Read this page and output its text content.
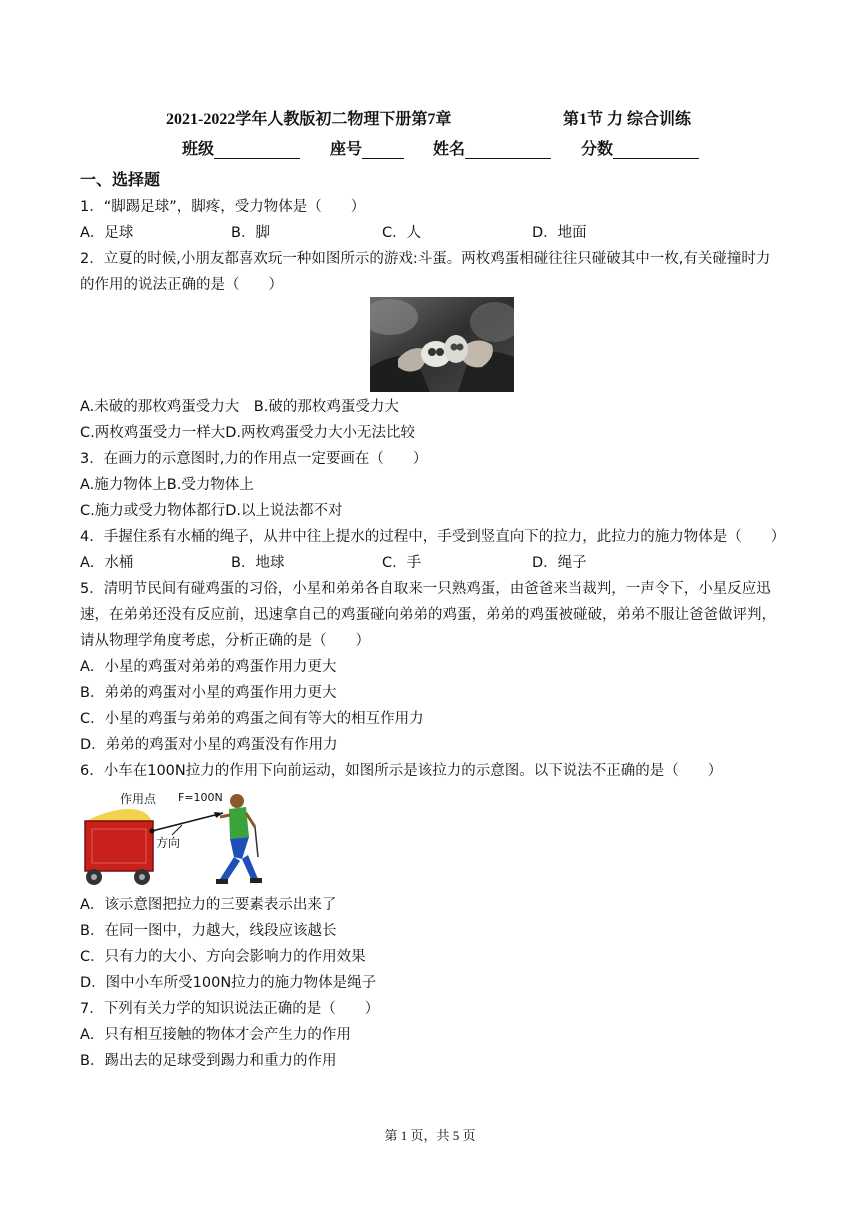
2021-2022学年人教版初二物理下册第7章	第1节 力 综合训练
班级	座号	姓名	分数
一、选择题
1．“脚踢足球”，脚疼，受力物体是（　　）
A．足球	B．脚	C．人	D．地面
2．立夏的时候,小朋友都喜欢玩一种如图所示的游戏:斗蛋。两枚鸡蛋相碰往往只碰破其中一枚,有关碰撞时力
的作用的说法正确的是（　　）
A.未破的那枚鸡蛋受力大　B.破的那枚鸡蛋受力大
C.两枚鸡蛋受力一样大D.两枚鸡蛋受力大小无法比较
3．在画力的示意图时,力的作用点一定要画在（　　）
A.施力物体上B.受力物体上
C.施力或受力物体都行D.以上说法都不对
4．手握住系有水桶的绳子，从井中往上提水的过程中，手受到竖直向下的拉力，此拉力的施力物体是（　　）
A．水桶	B．地球	C．手	D．绳子
5．清明节民间有碰鸡蛋的习俗，小星和弟弟各自取来一只熟鸡蛋，由爸爸来当裁判，一声令下，小星反应迅
速，在弟弟还没有反应前，迅速拿自己的鸡蛋碰向弟弟的鸡蛋，弟弟的鸡蛋被碰破，弟弟不服让爸爸做评判，
请从物理学角度考虑，分析正确的是（　　）
A．小星的鸡蛋对弟弟的鸡蛋作用力更大
B．弟弟的鸡蛋对小星的鸡蛋作用力更大
C．小星的鸡蛋与弟弟的鸡蛋之间有等大的相互作用力
D．弟弟的鸡蛋对小星的鸡蛋没有作用力
6．小车在100N拉力的作用下向前运动，如图所示是该拉力的示意图。以下说法不正确的是（　　）
作用点 F=100N
方向
A．该示意图把拉力的三要素表示出来了
B．在同一图中，力越大，线段应该越长
C．只有力的大小、方向会影响力的作用效果
D．图中小车所受100N拉力的施力物体是绳子
7．下列有关力学的知识说法正确的是（　　）
A．只有相互接触的物体才会产生力的作用
B．踢出去的足球受到踢力和重力的作用
第 1 页，共 5 页
